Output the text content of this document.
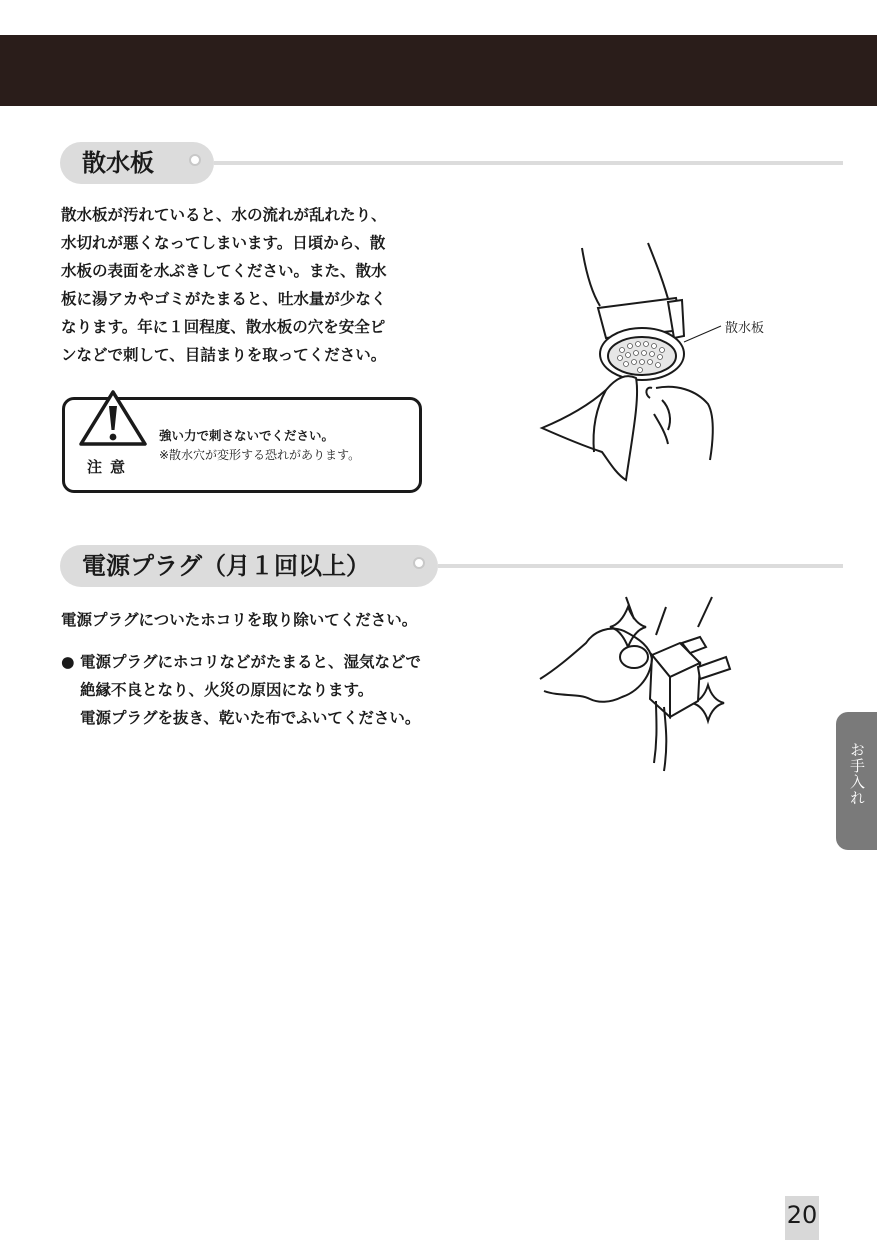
散水板
散水板が汚れていると、水の流れが乱れたり、
水切れが悪くなってしまいます。日頃から、散
水板の表面を水ぶきしてください。また、散水
板に湯アカやゴミがたまると、吐水量が少なく
なります。年に１回程度、散水板の穴を安全ピ
ンなどで刺して、目詰まりを取ってください。
注意
強い力で刺さないでください。
※散水穴が変形する恐れがあります。
散水板
電源プラグ（月１回以上）
電源プラグについたホコリを取り除いてください。
● 電源プラグにホコリなどがたまると、湿気などで
絶縁不良となり、火災の原因になります。
電源プラグを抜き、乾いた布でふいてください。
お手入れ
20
